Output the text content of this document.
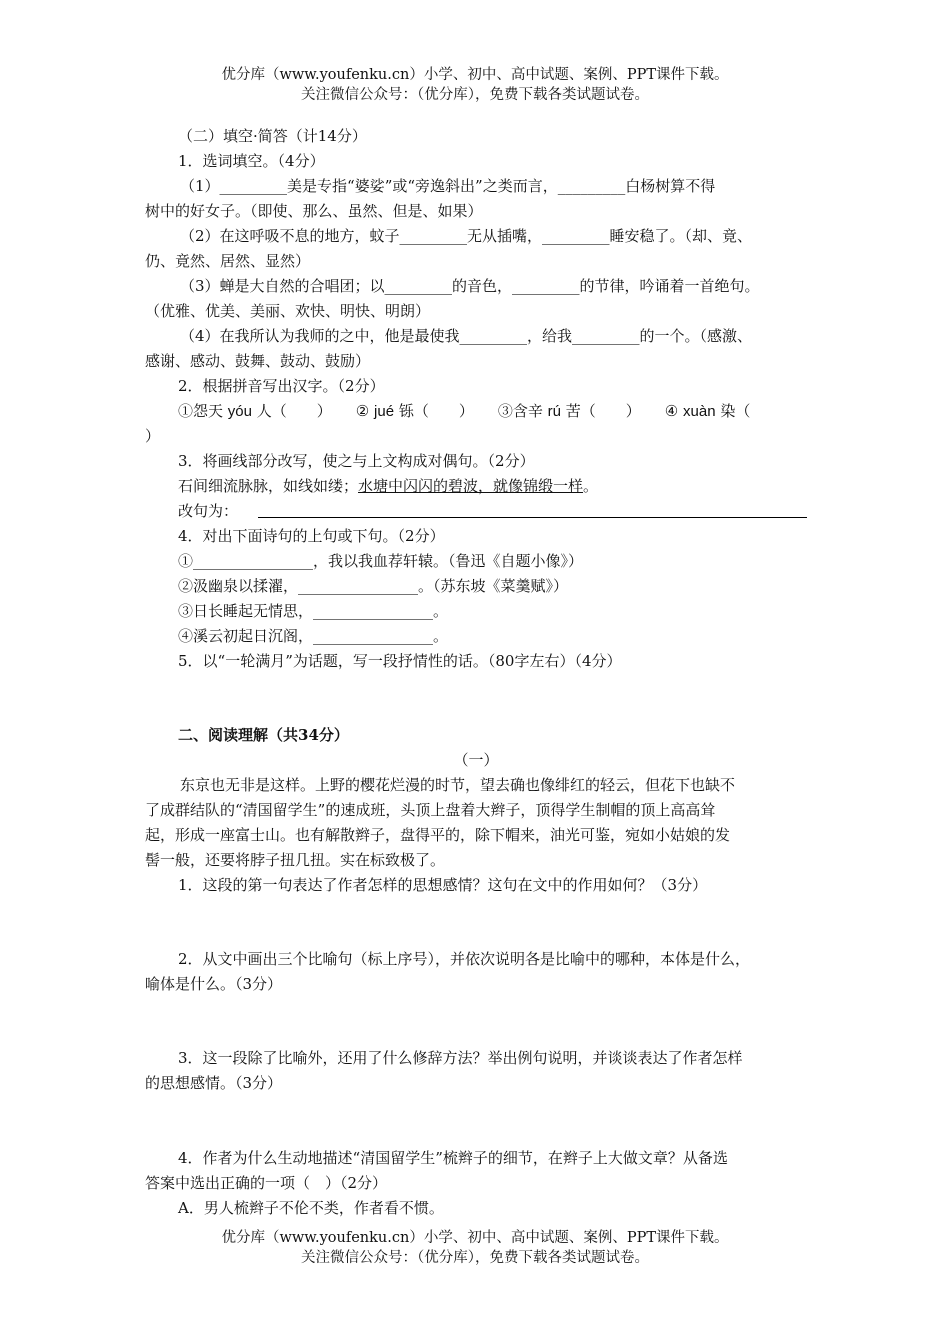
优分库（www.youfenku.cn）小学、初中、高中试题、案例、PPT课件下载。
关注微信公众号：（优分库），免费下载各类试题试卷。
（二）填空·简答（计14分）
1．选词填空。（4分）
（1）_________美是专指“婆娑”或“旁逸斜出”之类而言，_________白杨树算不得
树中的好女子。（即使、那么、虽然、但是、如果）
（2）在这呼吸不息的地方，蚊子_________无从插嘴，_________睡安稳了。（却、竟、
仍、竟然、居然、显然）
（3）蝉是大自然的合唱团；以_________的音色，_________的节律，吟诵着一首绝句。
（优雅、优美、美丽、欢快、明快、明朗）
（4）在我所认为我师的之中，他是最使我_________，给我_________的一个。（感激、
感谢、感动、鼓舞、鼓动、鼓励）
2．根据拼音写出汉字。（2分）
①怨天 yóu 人（　　） ② jué 铄（　　） ③含辛 rú 苦（　　） ④ xuàn 染（
）
3．将画线部分改写，使之与上文构成对偶句。（2分）
石间细流脉脉，如线如缕；水塘中闪闪的碧波，就像锦缎一样。
改句为：
4．对出下面诗句的上句或下句。（2分）
①________________，我以我血荐轩辕。（鲁迅《自题小像》）
②汲幽泉以揉濯，________________。（苏东坡《菜羹赋》）
③日长睡起无情思，________________。
④溪云初起日沉阁，________________。
5．以“一轮满月”为话题，写一段抒情性的话。（80字左右）（4分）
二、阅读理解（共34分）
（一）
东京也无非是这样。上野的樱花烂漫的时节，望去确也像绯红的轻云，但花下也缺不
了成群结队的“清国留学生”的速成班，头顶上盘着大辫子，顶得学生制帽的顶上高高耸
起，形成一座富士山。也有解散辫子，盘得平的，除下帽来，油光可鉴，宛如小姑娘的发
髻一般，还要将脖子扭几扭。实在标致极了。
1．这段的第一句表达了作者怎样的思想感情？这句在文中的作用如何？（3分）
2．从文中画出三个比喻句（标上序号），并依次说明各是比喻中的哪种，本体是什么，
喻体是什么。（3分）
3．这一段除了比喻外，还用了什么修辞方法？举出例句说明，并谈谈表达了作者怎样
的思想感情。（3分）
4．作者为什么生动地描述“清国留学生”梳辫子的细节，在辫子上大做文章？从备选
答案中选出正确的一项（　）（2分）
A．男人梳辫子不伦不类，作者看不惯。
优分库（www.youfenku.cn）小学、初中、高中试题、案例、PPT课件下载。
关注微信公众号：（优分库），免费下载各类试题试卷。
